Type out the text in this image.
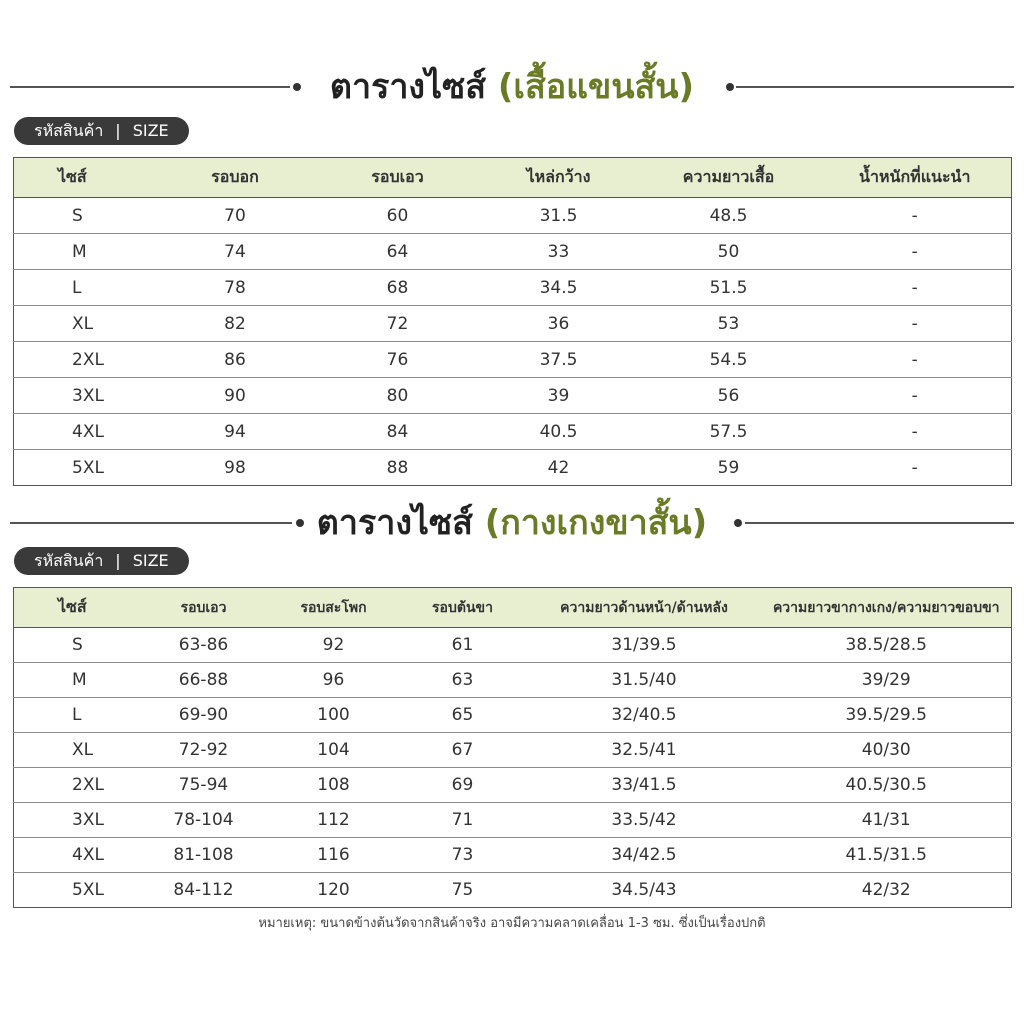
ตารางไซส์ (เสื้อแขนสั้น)
รหัสสินค้า | SIZE
ไซส์	รอบอก	รอบเอว	ไหล่กว้าง	ความยาวเสื้อ	น้ำหนักที่แนะนำ
S	70	60	31.5	48.5	-
M	74	64	33	50	-
L	78	68	34.5	51.5	-
XL	82	72	36	53	-
2XL	86	76	37.5	54.5	-
3XL	90	80	39	56	-
4XL	94	84	40.5	57.5	-
5XL	98	88	42	59	-
ตารางไซส์ (กางเกงขาสั้น)
รหัสสินค้า | SIZE
ไซส์	รอบเอว	รอบสะโพก	รอบต้นขา	ความยาวด้านหน้า/ด้านหลัง	ความยาวขากางเกง/ความยาวขอบขา
S	63-86	92	61	31/39.5	38.5/28.5
M	66-88	96	63	31.5/40	39/29
L	69-90	100	65	32/40.5	39.5/29.5
XL	72-92	104	67	32.5/41	40/30
2XL	75-94	108	69	33/41.5	40.5/30.5
3XL	78-104	112	71	33.5/42	41/31
4XL	81-108	116	73	34/42.5	41.5/31.5
5XL	84-112	120	75	34.5/43	42/32
หมายเหตุ: ขนาดข้างต้นวัดจากสินค้าจริง อาจมีความคลาดเคลื่อน 1-3 ซม. ซึ่งเป็นเรื่องปกติ
